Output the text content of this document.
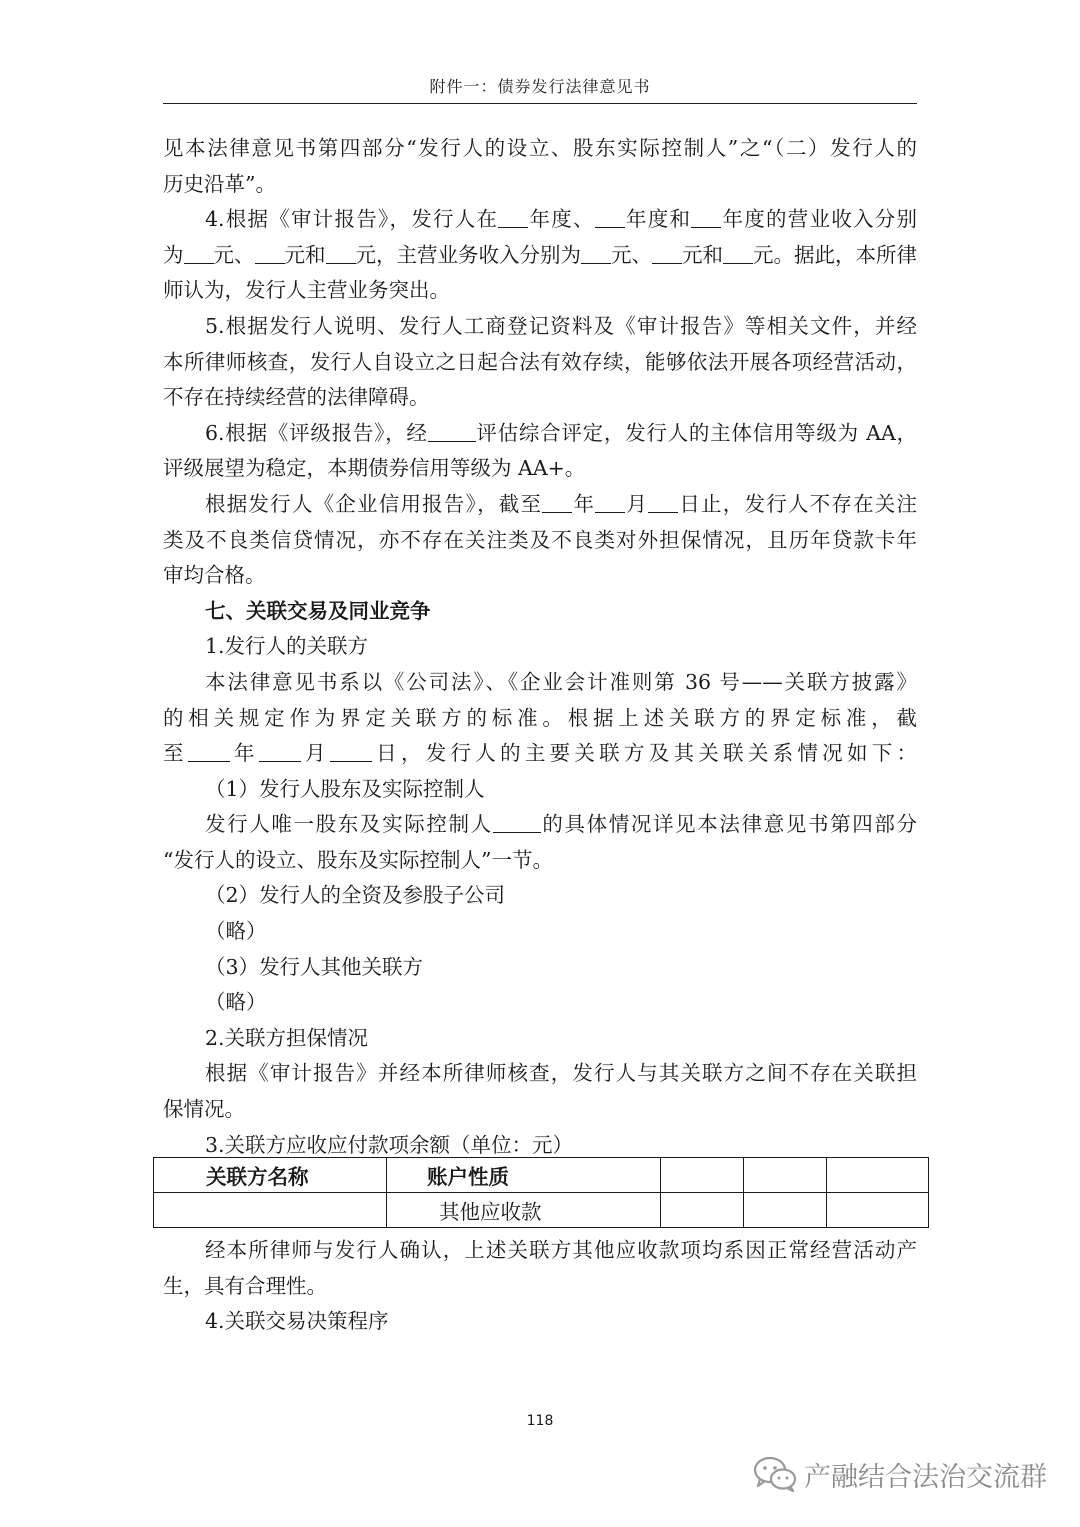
附件一：债券发行法律意见书
见本法律意见书第四部分“发行人的设立、股东实际控制人”之“（二）发行人的
历史沿革”。
4.根据《审计报告》，发行人在 年度、 年度和 年度的营业收入分别
为 元、 元和 元，主营业务收入分别为 元、 元和 元。据此，本所律
师认为，发行人主营业务突出。
5.根据发行人说明、发行人工商登记资料及《审计报告》等相关文件，并经
本所律师核查，发行人自设立之日起合法有效存续，能够依法开展各项经营活动，
不存在持续经营的法律障碍。
6.根据《评级报告》，经 评估综合评定，发行人的主体信用等级为 AA，
评级展望为稳定，本期债券信用等级为 AA+。
根据发行人《企业信用报告》，截至 年 月 日止，发行人不存在关注
类及不良类信贷情况，亦不存在关注类及不良类对外担保情况，且历年贷款卡年
审均合格。
七、关联交易及同业竞争
1.发行人的关联方
本法律意见书系以《公司法》、《企业会计准则第 36 号——关联方披露》
的相关规定作为界定关联方的标准。根据上述关联方的界定标准，截
至 年 月 日，发行人的主要关联方及其关联关系情况如下：
（1）发行人股东及实际控制人
发行人唯一股东及实际控制人 的具体情况详见本法律意见书第四部分
“发行人的设立、股东及实际控制人”一节。
（2）发行人的全资及参股子公司
（略）
（3）发行人其他关联方
（略）
2.关联方担保情况
根据《审计报告》并经本所律师核查，发行人与其关联方之间不存在关联担
保情况。
3.关联方应收应付款项余额（单位：元）
关联方名称	账户性质			
	其他应收款			
经本所律师与发行人确认，上述关联方其他应收款项均系因正常经营活动产
生，具有合理性。
4.关联交易决策程序
118
产融结合法治交流群
